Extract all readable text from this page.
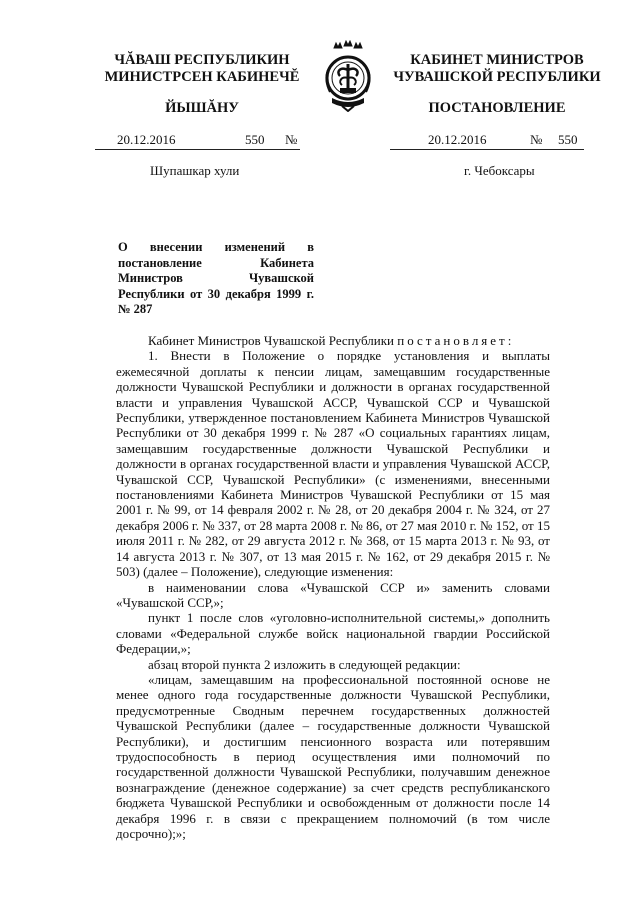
ЧĂВАШ РЕСПУБЛИКИН
МИНИСТРСЕН КАБИНЕЧĔ
ЙЫШĂНУ
КАБИНЕТ МИНИСТРОВ
ЧУВАШСКОЙ РЕСПУБЛИКИ
ПОСТАНОВЛЕНИЕ
20.12.2016	550 №	20.12.2016	№ 550
Шупашкар хули	г. Чебоксары
О внесении изменений в постановление Кабинета Министров Чувашской Республики от 30 декабря 1999 г. № 287

Кабинет Министров Чувашской Республики постановляет:

1. Внести в Положение о порядке установления и выплаты ежемесячной доплаты к пенсии лицам, замещавшим государственные должности Чувашской Республики и должности в органах государственной власти и управления Чувашской АССР, Чувашской ССР и Чувашской Республики, утвержденное постановлением Кабинета Министров Чувашской Республики от 30 декабря 1999 г. № 287 «О социальных гарантиях лицам, замещавшим государственные должности Чувашской Республики и должности в органах государственной власти и управления Чувашской АССР, Чувашской ССР, Чувашской Республики» (с изменениями, внесенными постановлениями Кабинета Министров Чувашской Республики от 15 мая 2001 г. № 99, от 14 февраля 2002 г. № 28, от 20 декабря 2004 г. № 324, от 27 декабря 2006 г. № 337, от 28 марта 2008 г. № 86, от 27 мая 2010 г. № 152, от 15 июля 2011 г. № 282, от 29 августа 2012 г. № 368, от 15 марта 2013 г. № 93, от 14 августа 2013 г. № 307, от 13 мая 2015 г. № 162, от 29 декабря 2015 г. № 503) (далее – Положение), следующие изменения:

в наименовании слова «Чувашской ССР и» заменить словами «Чувашской ССР,»;

пункт 1 после слов «уголовно-исполнительной системы,» дополнить словами «Федеральной службе войск национальной гвардии Российской Федерации,»;

абзац второй пункта 2 изложить в следующей редакции:

«лицам, замещавшим на профессиональной постоянной основе не менее одного года государственные должности Чувашской Республики, предусмотренные Сводным перечнем государственных должностей Чувашской Республики (далее – государственные должности Чувашской Республики), и достигшим пенсионного возраста или потерявшим трудоспособность в период осуществления ими полномочий по государственной должности Чувашской Республики, получавшим денежное вознаграждение (денежное содержание) за счет средств республиканского бюджета Чувашской Республики и освобожденным от должности после 14 декабря 1996 г. в связи с прекращением полномочий (в том числе досрочно);»;
